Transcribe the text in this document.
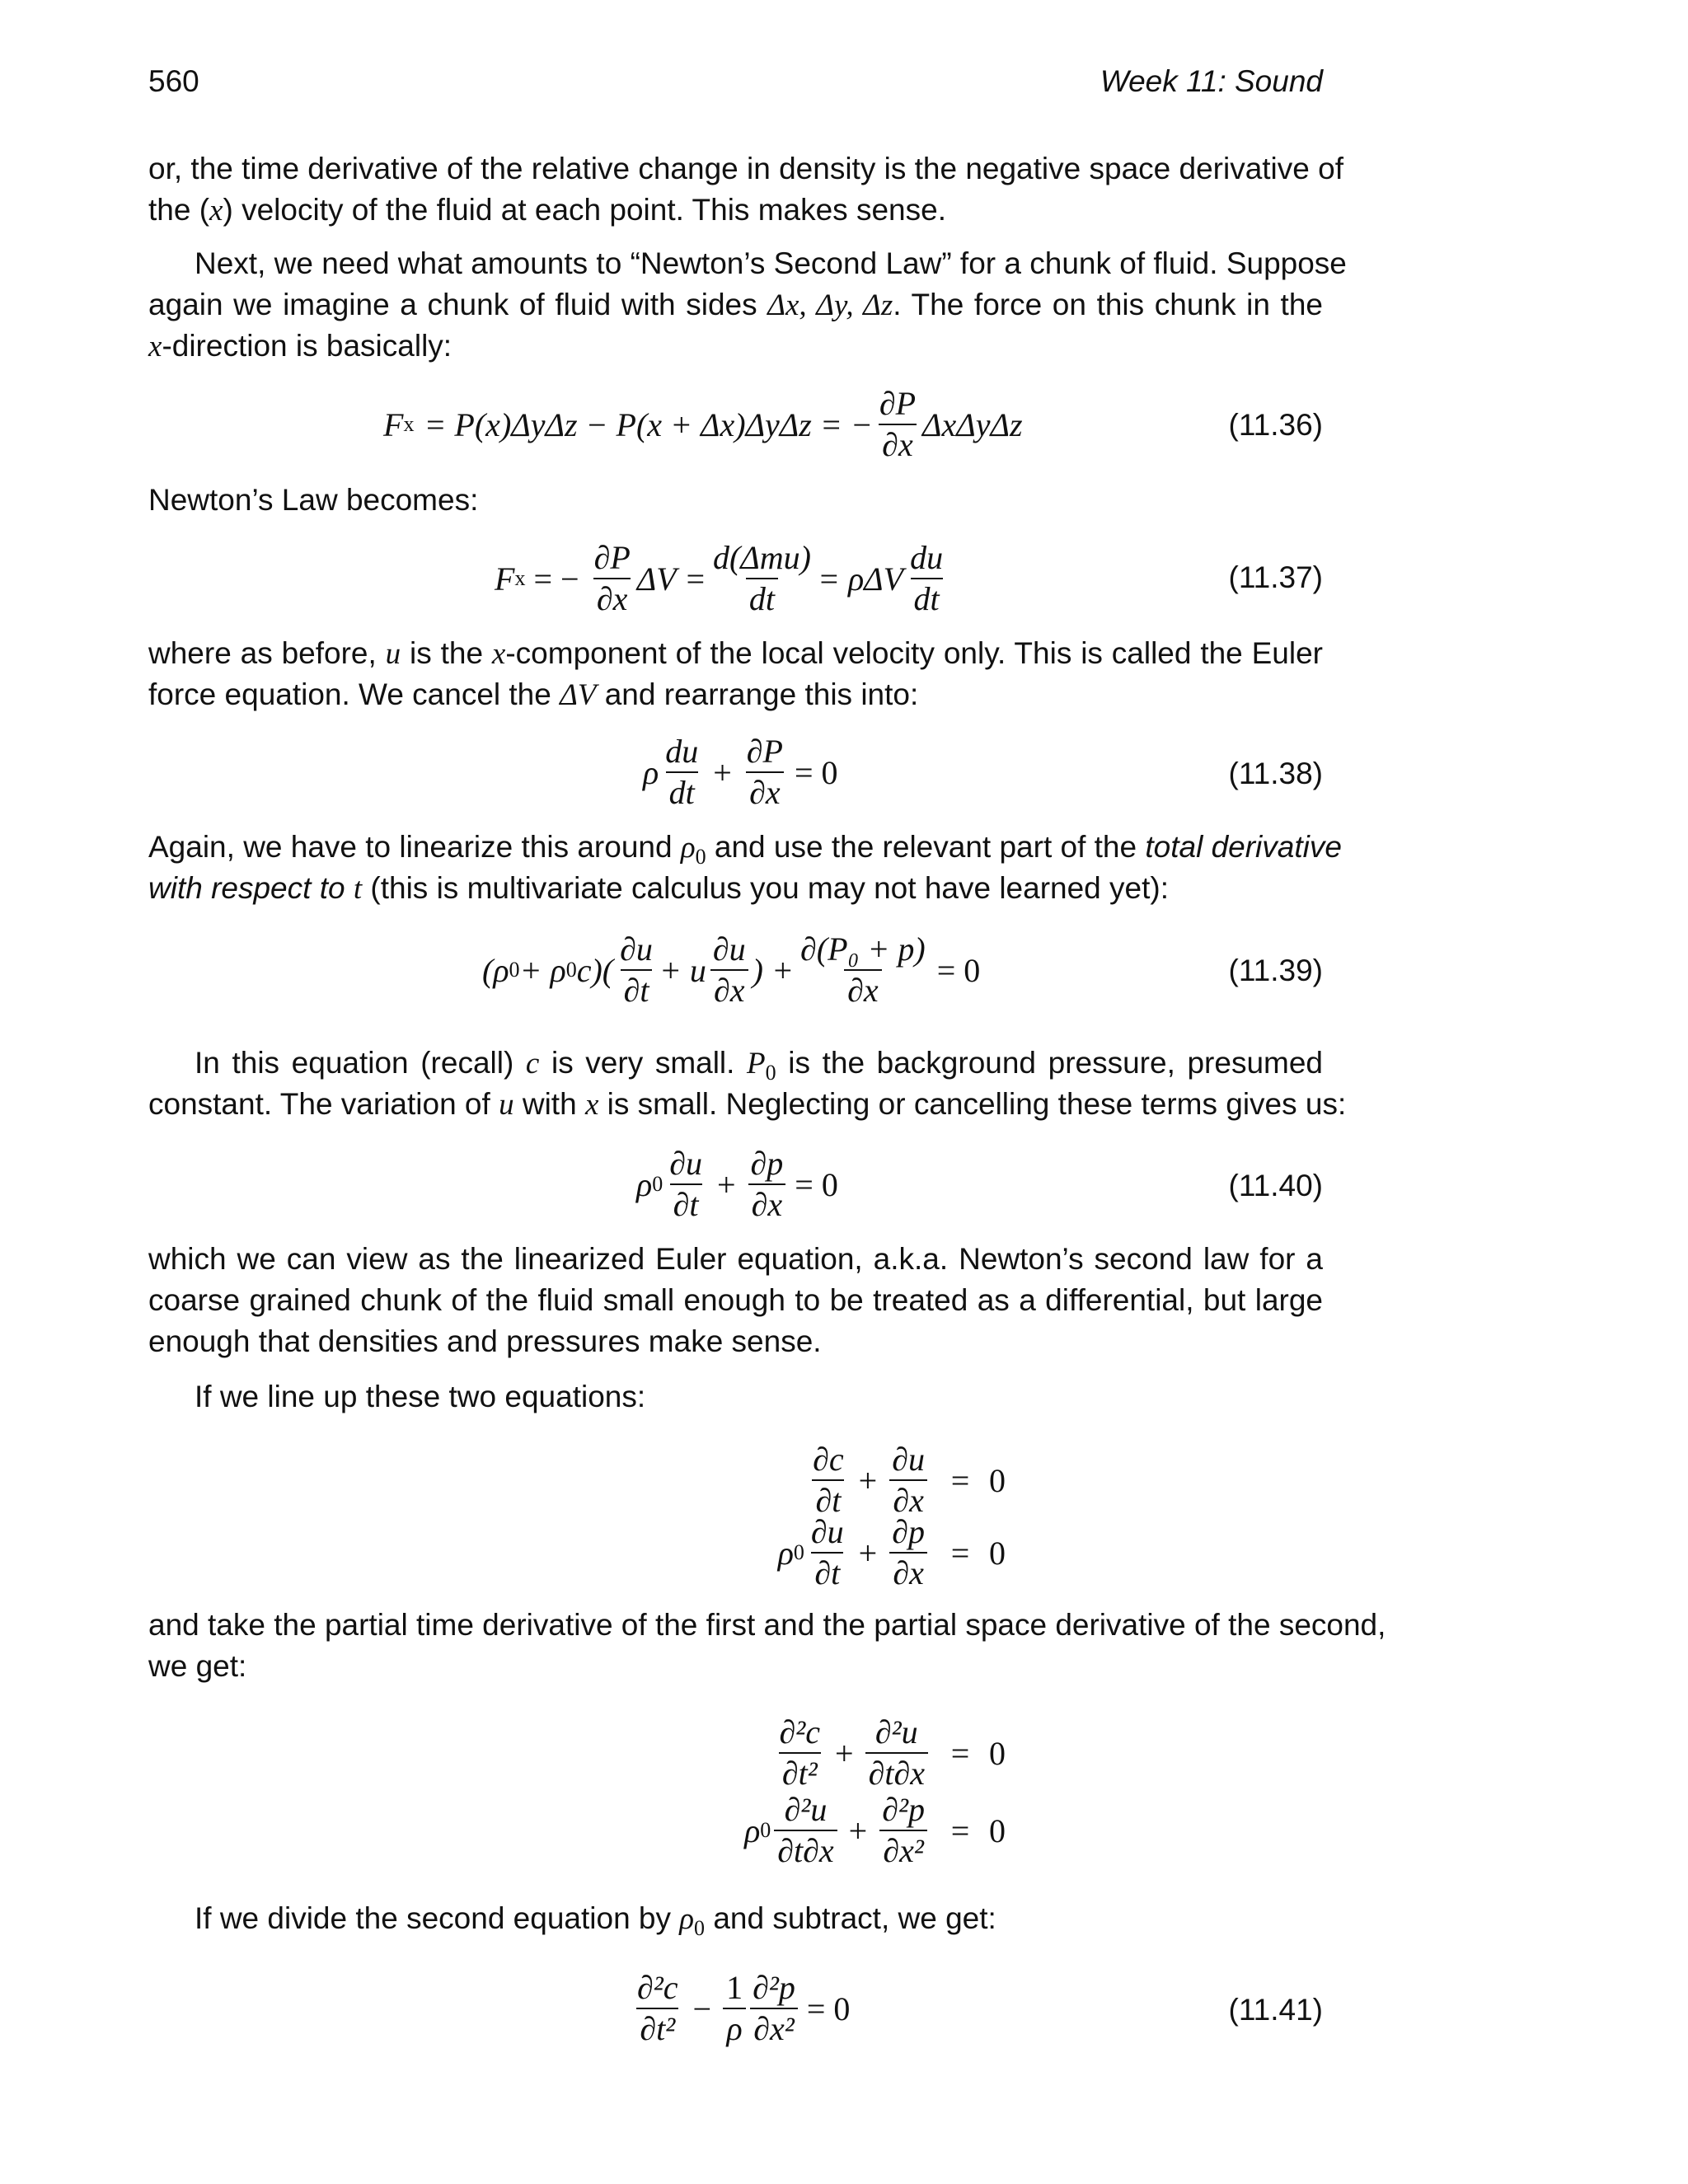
560	Week 11: Sound
or, the time derivative of the relative change in density is the negative space derivative of
the (x) velocity of the fluid at each point. This makes sense.
Next, we need what amounts to “Newton’s Second Law” for a chunk of fluid. Suppose
again we imagine a chunk of fluid with sides Δx, Δy, Δz. The force on this chunk in the
x-direction is basically:
F x = P(x)ΔyΔz − P(x + Δx)ΔyΔz = − $\frac{\partial P}{\partial x}$ ΔxΔyΔz	(11.36)
Newton’s Law becomes:
F x = − $\frac{\partial P}{\partial x}$ $\Delta V = \frac{\text{d(Δmu)}}{dt} = \rho\Delta V \frac{du}{dt}$	(11.37)
where as before, u is the x-component of the local velocity only. This is called the Euler
force equation. We cancel the ΔV and rearrange this into:
ρ $\frac{du}{dt} + \frac{\partial P}{\partial x} = 0$	(11.38)
Again, we have to linearize this around $\rho_0$ and use the relevant part of the total derivative
with respect to t (this is multivariate calculus you may not have learned yet):
(ρ 0 + ρ 0 $c)( \frac{\partial u}{\partial t} + u \frac{\partial u}{\partial x}$ ) + $\frac{\text{∂(P₀ + p)}}{\partial x} = 0$	(11.39)
In this equation (recall) c is very small. $P_0$ is the background pressure, presumed
constant. The variation of u with x is small. Neglecting or cancelling these terms gives us:
ρ $0 \frac{\partial u}{\partial t} + \frac{\partial p}{\partial x} = 0$	(11.40)
which we can view as the linearized Euler equation, a.k.a. Newton’s second law for a
coarse grained chunk of the fluid small enough to be treated as a differential, but large
enough that densities and pressures make sense.
If we line up these two equations:
$\frac{\partial c}{\partial t} + \frac{\partial u}{\partial x} = 0$
ρ $0 \frac{\partial u}{\partial t} + \frac{\partial p}{\partial x} = 0$
and take the partial time derivative of the first and the partial space derivative of the second,
we get:
$\frac{\text{∂²c}}{\text{∂t²}} + \frac{\text{∂²u}}{\partial t\partial x} = 0$
ρ $0 \frac{\text{∂²u}}{\partial t\partial x} + \frac{\text{∂²p}}{\text{∂x²}} = 0$
If we divide the second equation by $\rho_0$ and subtract, we get:
$\frac{\text{∂²c}}{\text{∂t²}} - \frac{1}{\rho} \frac{\text{∂²p}}{\text{∂x²}} = 0$	(11.41)
